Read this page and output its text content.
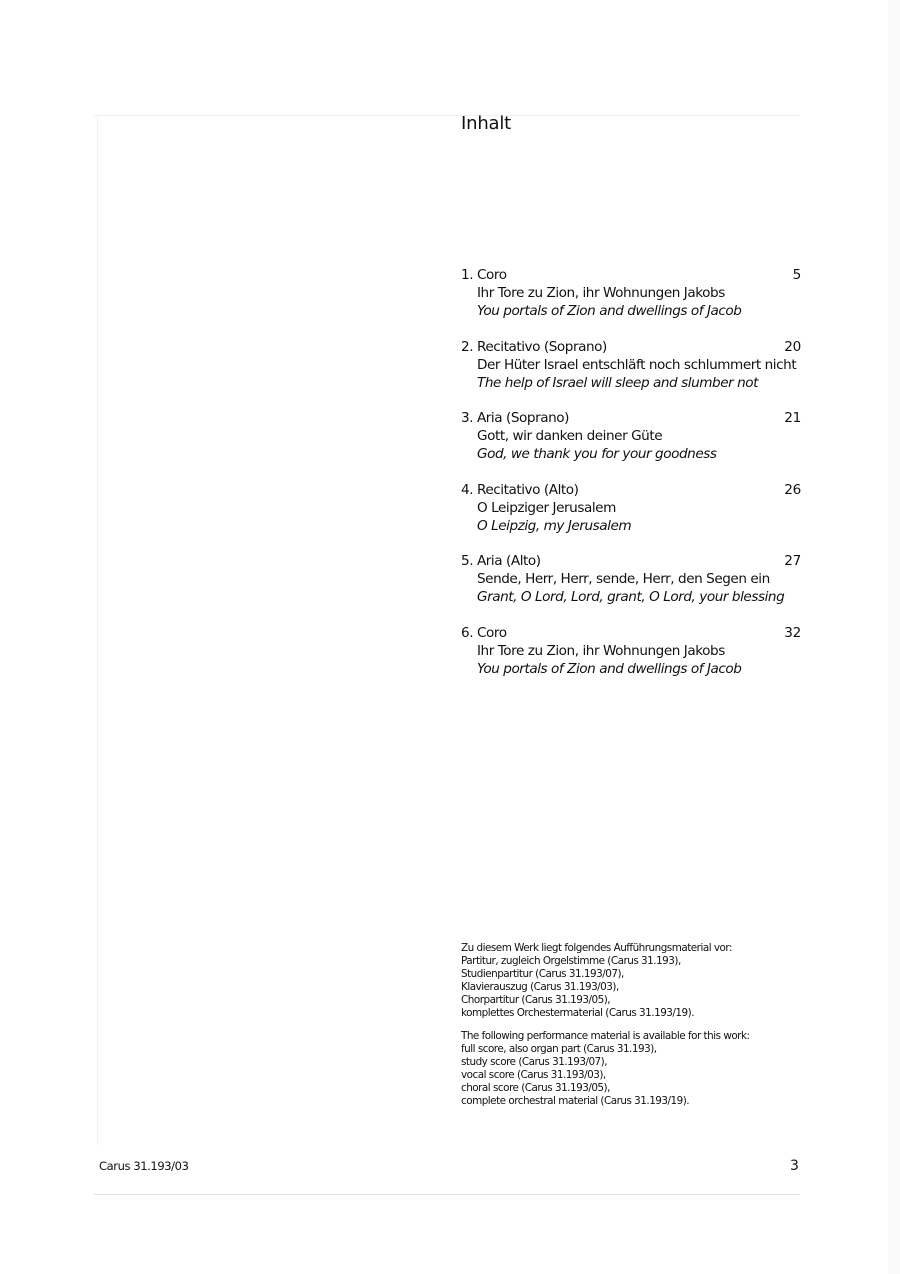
Inhalt
1. Coro
Ihr Tore zu Zion, ihr Wohnungen Jakobs
You portals of Zion and dwellings of Jacob
5
2. Recitativo (Soprano)
Der Hüter Israel entschläft noch schlummert nicht
The help of Israel will sleep and slumber not
20
3. Aria (Soprano)
Gott, wir danken deiner Güte
God, we thank you for your goodness
21
4. Recitativo (Alto)
O Leipziger Jerusalem
O Leipzig, my Jerusalem
26
5. Aria (Alto)
Sende, Herr, Herr, sende, Herr, den Segen ein
Grant, O Lord, Lord, grant, O Lord, your blessing
27
6. Coro
Ihr Tore zu Zion, ihr Wohnungen Jakobs
You portals of Zion and dwellings of Jacob
32
Zu diesem Werk liegt folgendes Aufführungsmaterial vor:
Partitur, zugleich Orgelstimme (Carus 31.193),
Studienpartitur (Carus 31.193/07),
Klavierauszug (Carus 31.193/03),
Chorpartitur (Carus 31.193/05),
komplettes Orchestermaterial (Carus 31.193/19).
The following performance material is available for this work:
full score, also organ part (Carus 31.193),
study score (Carus 31.193/07),
vocal score (Carus 31.193/03),
choral score (Carus 31.193/05),
complete orchestral material (Carus 31.193/19).
Carus 31.193/03	3
